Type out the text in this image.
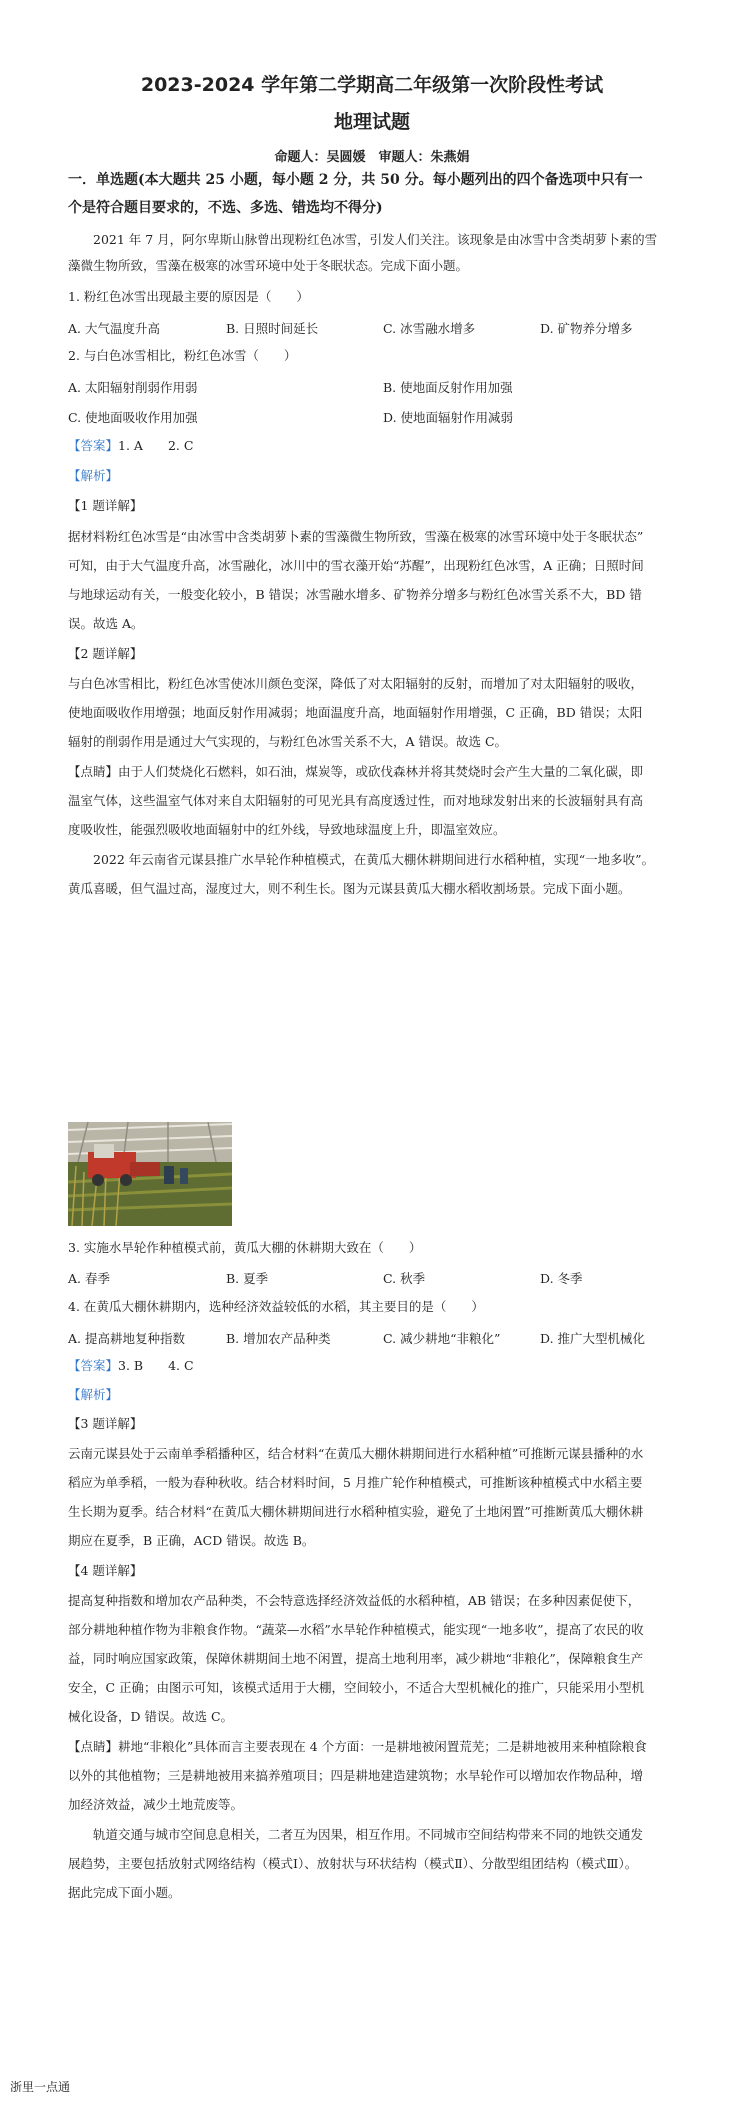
2023-2024 学年第二学期高二年级第一次阶段性考试
地理试题
命题人：吴圆媛　审题人：朱燕娟
一．单选题(本大题共 25 小题，每小题 2 分，共 50 分。每小题列出的四个备选项中只有一
个是符合题目要求的，不选、多选、错选均不得分)
2021 年 7 月，阿尔卑斯山脉曾出现粉红色冰雪，引发人们关注。该现象是由冰雪中含类胡萝卜素的雪
藻微生物所致，雪藻在极寒的冰雪环境中处于冬眠状态。完成下面小题。
1. 粉红色冰雪出现最主要的原因是（　　）
A. 大气温度升高	B. 日照时间延长	C. 冰雪融水增多	D. 矿物养分增多
2. 与白色冰雪相比，粉红色冰雪（　　）
A. 太阳辐射削弱作用弱	B. 使地面反射作用加强
C. 使地面吸收作用加强	D. 使地面辐射作用减弱
【答案】1. A　　2. C
【解析】
【1 题详解】
据材料粉红色冰雪是“由冰雪中含类胡萝卜素的雪藻微生物所致，雪藻在极寒的冰雪环境中处于冬眠状态”
可知，由于大气温度升高，冰雪融化，冰川中的雪衣藻开始“苏醒”，出现粉红色冰雪，A 正确；日照时间
与地球运动有关，一般变化较小，B 错误；冰雪融水增多、矿物养分增多与粉红色冰雪关系不大，BD 错
误。故选 A。
【2 题详解】
与白色冰雪相比，粉红色冰雪使冰川颜色变深，降低了对太阳辐射的反射，而增加了对太阳辐射的吸收，
使地面吸收作用增强；地面反射作用减弱；地面温度升高，地面辐射作用增强，C 正确，BD 错误；太阳
辐射的削弱作用是通过大气实现的，与粉红色冰雪关系不大，A 错误。故选 C。
【点睛】由于人们焚烧化石燃料，如石油，煤炭等，或砍伐森林并将其焚烧时会产生大量的二氧化碳，即
温室气体，这些温室气体对来自太阳辐射的可见光具有高度透过性，而对地球发射出来的长波辐射具有高
度吸收性，能强烈吸收地面辐射中的红外线，导致地球温度上升，即温室效应。
2022 年云南省元谋县推广水旱轮作种植模式，在黄瓜大棚休耕期间进行水稻种植，实现“一地多收”。
黄瓜喜暖，但气温过高，湿度过大，则不利生长。图为元谋县黄瓜大棚水稻收割场景。完成下面小题。
3. 实施水旱轮作种植模式前，黄瓜大棚的休耕期大致在（　　）
A. 春季	B. 夏季	C. 秋季	D. 冬季
4. 在黄瓜大棚休耕期内，选种经济效益较低的水稻，其主要目的是（　　）
A. 提高耕地复种指数	B. 增加农产品种类	C. 减少耕地“非粮化”	D. 推广大型机械化
【答案】3. B　　4. C
【解析】
【3 题详解】
云南元谋县处于云南单季稻播种区，结合材料“在黄瓜大棚休耕期间进行水稻种植”可推断元谋县播种的水
稻应为单季稻，一般为春种秋收。结合材料时间，5 月推广轮作种植模式，可推断该种植模式中水稻主要
生长期为夏季。结合材料“在黄瓜大棚休耕期间进行水稻种植实验，避免了土地闲置”可推断黄瓜大棚休耕
期应在夏季，B 正确，ACD 错误。故选 B。
【4 题详解】
提高复种指数和增加农产品种类，不会特意选择经济效益低的水稻种植，AB 错误；在多种因素促使下，
部分耕地种植作物为非粮食作物。“蔬菜—水稻”水旱轮作种植模式，能实现“一地多收”，提高了农民的收
益，同时响应国家政策，保障休耕期间土地不闲置，提高土地利用率，减少耕地“非粮化”，保障粮食生产
安全，C 正确；由图示可知，该模式适用于大棚，空间较小，不适合大型机械化的推广，只能采用小型机
械化设备，D 错误。故选 C。
【点睛】耕地“非粮化”具体而言主要表现在 4 个方面：一是耕地被闲置荒芜；二是耕地被用来种植除粮食
以外的其他植物；三是耕地被用来搞养殖项目；四是耕地建造建筑物；水旱轮作可以增加农作物品种，增
加经济效益，减少土地荒废等。
轨道交通与城市空间息息相关，二者互为因果，相互作用。不同城市空间结构带来不同的地铁交通发
展趋势，主要包括放射式网络结构（模式Ⅰ）、放射状与环状结构（模式Ⅱ）、分散型组团结构（模式Ⅲ）。
据此完成下面小题。
浙里一点通
